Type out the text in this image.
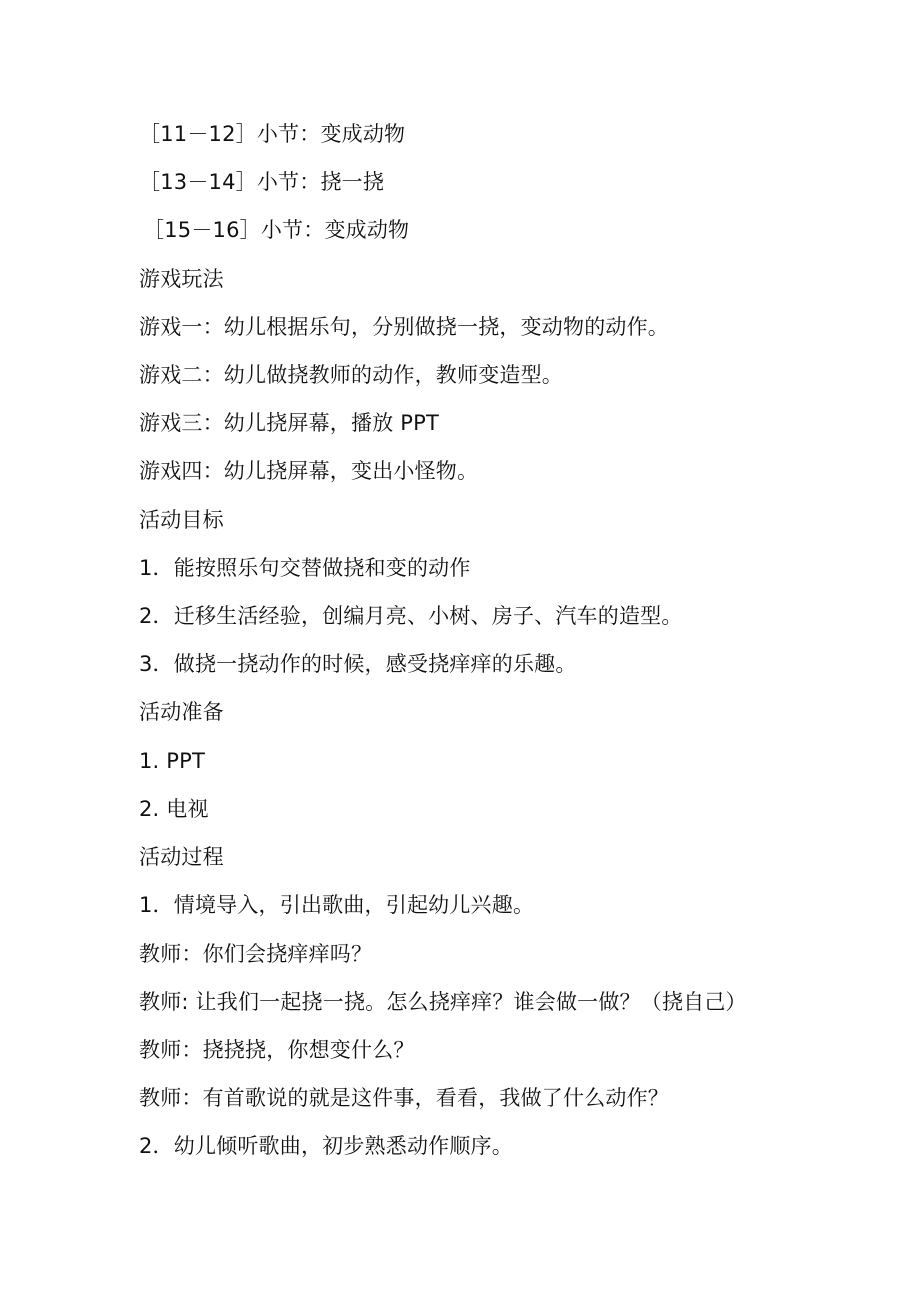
［11－12］小节：变成动物
［13－14］小节：挠一挠
［15－16］小节：变成动物
游戏玩法
游戏一：幼儿根据乐句，分别做挠一挠，变动物的动作。
游戏二：幼儿做挠教师的动作，教师变造型。
游戏三：幼儿挠屏幕，播放 PPT
游戏四：幼儿挠屏幕，变出小怪物。
活动目标
1．能按照乐句交替做挠和变的动作
2．迁移生活经验，创编月亮、小树、房子、汽车的造型。
3．做挠一挠动作的时候，感受挠痒痒的乐趣。
活动准备
1. PPT
2. 电视
活动过程
1．情境导入，引出歌曲，引起幼儿兴趣。
教师：你们会挠痒痒吗？
教师: 让我们一起挠一挠。怎么挠痒痒？谁会做一做？（挠自己）
教师：挠挠挠，你想变什么？
教师：有首歌说的就是这件事，看看，我做了什么动作？
2．幼儿倾听歌曲，初步熟悉动作顺序。
